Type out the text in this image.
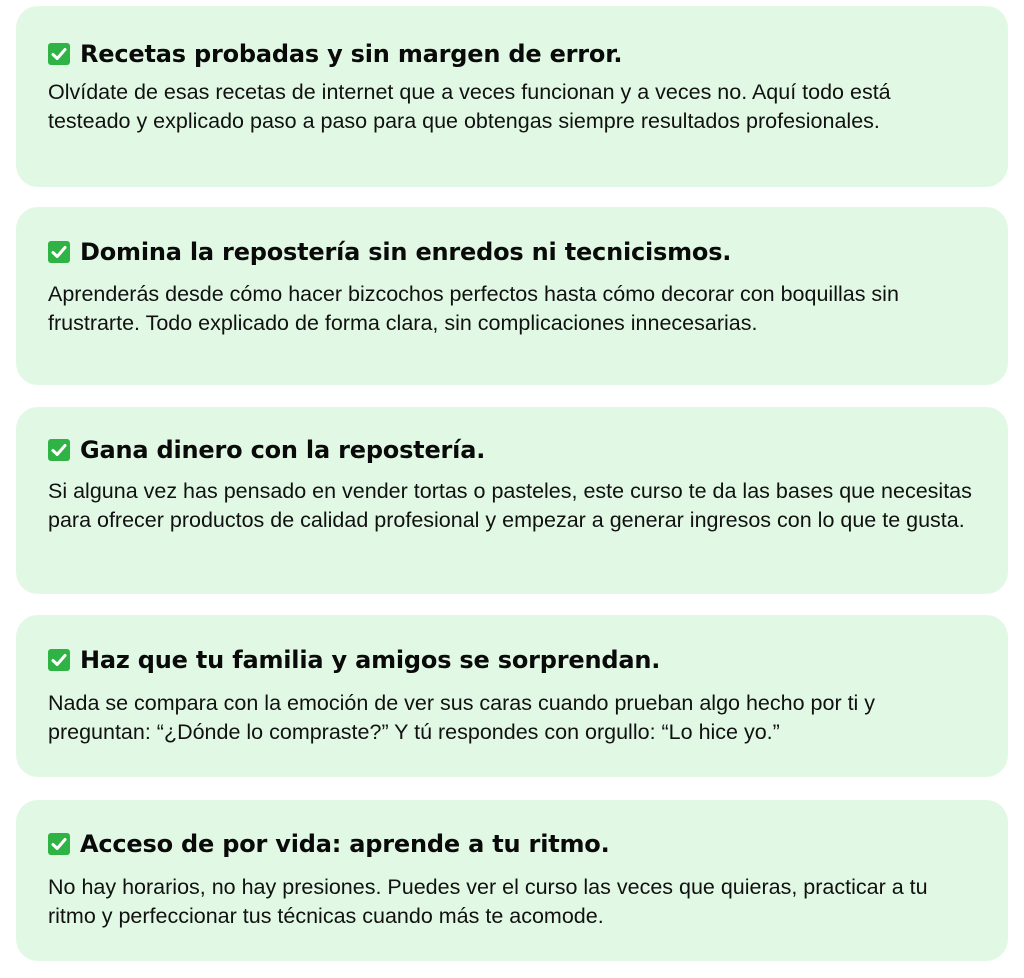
Recetas probadas y sin margen de error.

Olvídate de esas recetas de internet que a veces funcionan y a veces no. Aquí todo está testeado y explicado paso a paso para que obtengas siempre resultados profesionales.

Domina la repostería sin enredos ni tecnicismos.

Aprenderás desde cómo hacer bizcochos perfectos hasta cómo decorar con boquillas sin frustrarte. Todo explicado de forma clara, sin complicaciones innecesarias.

Gana dinero con la repostería.

Si alguna vez has pensado en vender tortas o pasteles, este curso te da las bases que necesitas para ofrecer productos de calidad profesional y empezar a generar ingresos con lo que te gusta.

Haz que tu familia y amigos se sorprendan.

Nada se compara con la emoción de ver sus caras cuando prueban algo hecho por ti y preguntan: “¿Dónde lo compraste?” Y tú respondes con orgullo: “Lo hice yo.”

Acceso de por vida: aprende a tu ritmo.

No hay horarios, no hay presiones. Puedes ver el curso las veces que quieras, practicar a tu ritmo y perfeccionar tus técnicas cuando más te acomode.
